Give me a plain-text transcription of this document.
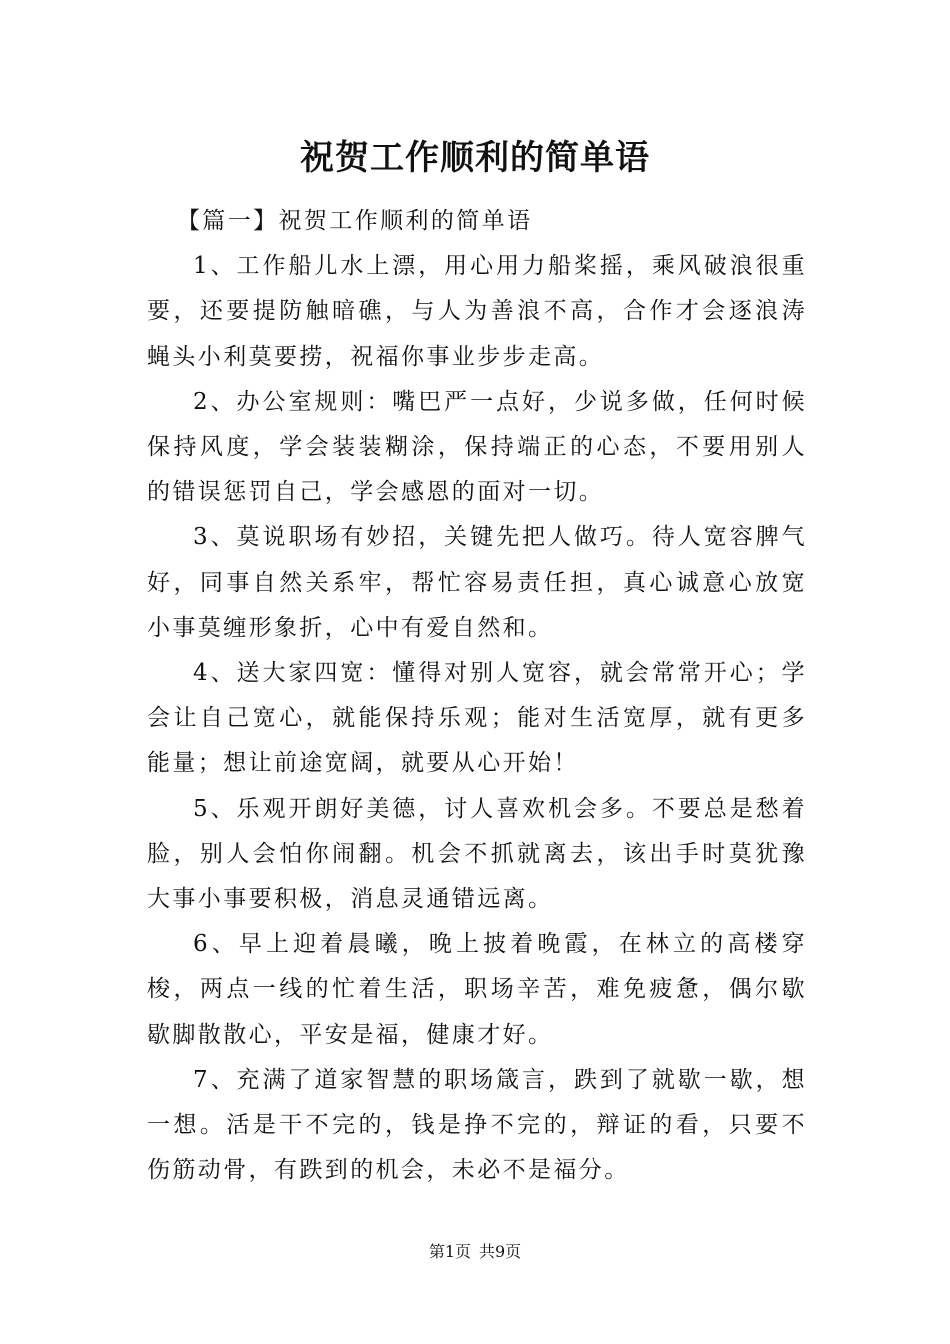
祝贺工作顺利的简单语

【篇一】祝贺工作顺利的简单语

1、工作船儿水上漂，用心用力船桨摇，乘风破浪很重要，还要提防触暗礁，与人为善浪不高，合作才会逐浪涛蝇头小利莫要捞，祝福你事业步步走高。

2、办公室规则：嘴巴严一点好，少说多做，任何时候保持风度，学会装装糊涂，保持端正的心态，不要用别人的错误惩罚自己，学会感恩的面对一切。

3、莫说职场有妙招，关键先把人做巧。待人宽容脾气好，同事自然关系牢，帮忙容易责任担，真心诚意心放宽小事莫缠形象折，心中有爱自然和。

4、送大家四宽：懂得对别人宽容，就会常常开心；学会让自己宽心，就能保持乐观；能对生活宽厚，就有更多能量；想让前途宽阔，就要从心开始！

5、乐观开朗好美德，讨人喜欢机会多。不要总是愁着脸，别人会怕你闹翻。机会不抓就离去，该出手时莫犹豫大事小事要积极，消息灵通错远离。

6、早上迎着晨曦，晚上披着晚霞，在林立的高楼穿梭，两点一线的忙着生活，职场辛苦，难免疲惫，偶尔歇歇脚散散心，平安是福，健康才好。

7、充满了道家智慧的职场箴言，跌到了就歇一歇，想一想。活是干不完的，钱是挣不完的，辩证的看，只要不伤筋动骨，有跌到的机会，未必不是福分。

第1页 共9页
